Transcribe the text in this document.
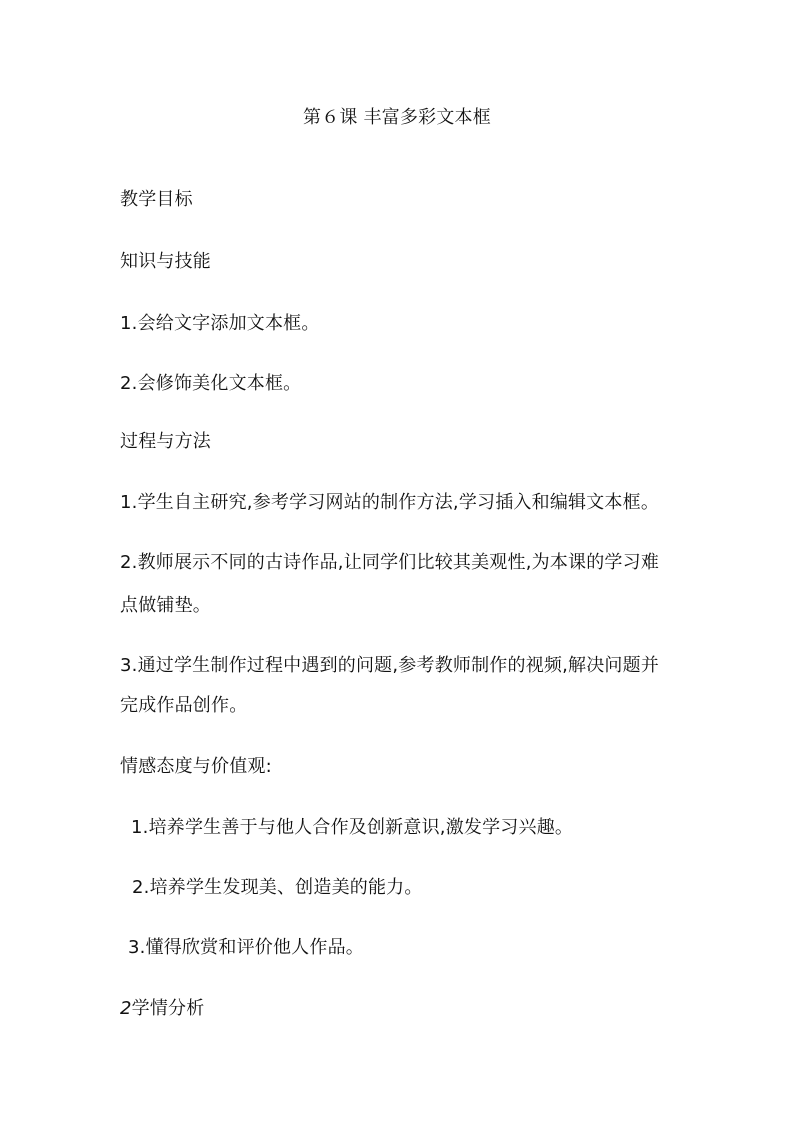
第６课 丰富多彩文本框
教学目标
知识与技能
1.会给文字添加文本框。
2.会修饰美化文本框。
过程与方法
1.学生自主研究,参考学习网站的制作方法,学习插入和编辑文本框。
2.教师展示不同的古诗作品,让同学们比较其美观性,为本课的学习难
点做铺垫。
3.通过学生制作过程中遇到的问题,参考教师制作的视频,解决问题并
完成作品创作。
情感态度与价值观:
1.培养学生善于与他人合作及创新意识,激发学习兴趣。
2.培养学生发现美、创造美的能力。
3.懂得欣赏和评价他人作品。
2学情分析
